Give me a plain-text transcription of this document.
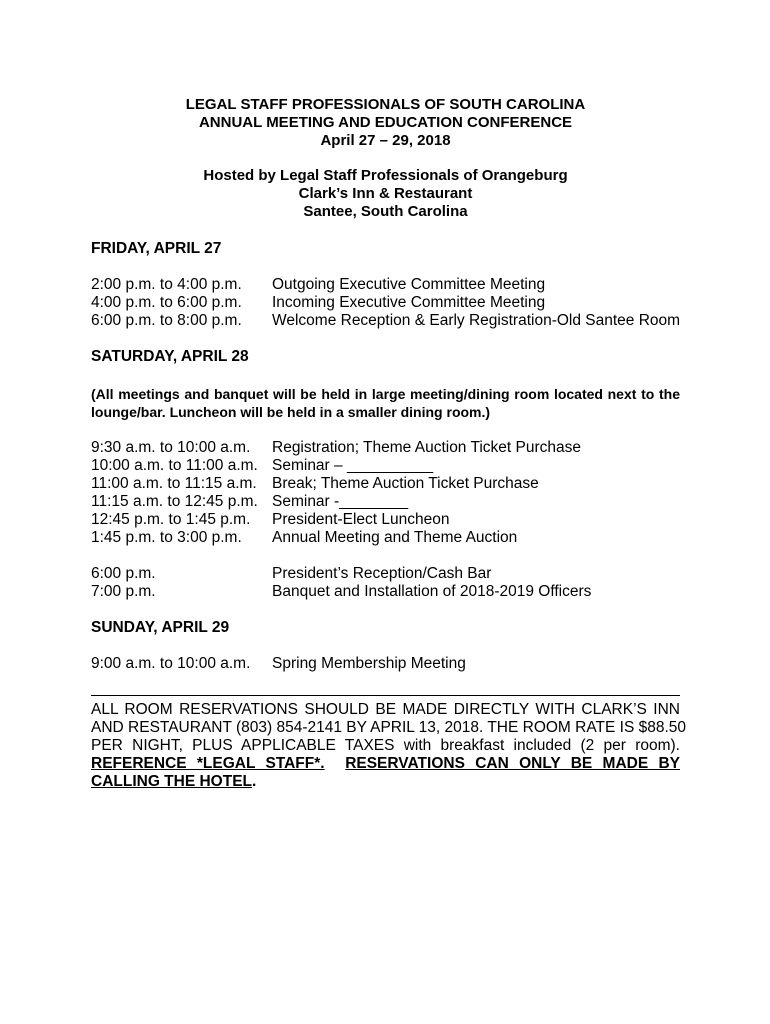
LEGAL STAFF PROFESSIONALS OF SOUTH CAROLINA
ANNUAL MEETING AND EDUCATION CONFERENCE
April 27 – 29, 2018
Hosted by Legal Staff Professionals of Orangeburg
Clark’s Inn & Restaurant
Santee, South Carolina
FRIDAY, APRIL 27
2:00 p.m. to 4:00 p.m.	Outgoing Executive Committee Meeting
4:00 p.m. to 6:00 p.m.	Incoming Executive Committee Meeting
6:00 p.m. to 8:00 p.m.	Welcome Reception & Early Registration-Old Santee Room
SATURDAY, APRIL 28
(All meetings and banquet will be held in large meeting/dining room located next to the
lounge/bar. Luncheon will be held in a smaller dining room.)
9:30 a.m. to 10:00 a.m.	Registration; Theme Auction Ticket Purchase
10:00 a.m. to 11:00 a.m. Seminar – __________
11:00 a.m. to 11:15 a.m. Break; Theme Auction Ticket Purchase
11:15 a.m. to 12:45 p.m. Seminar -________
12:45 p.m. to 1:45 p.m.	President-Elect Luncheon
1:45 p.m. to 3:00 p.m.	Annual Meeting and Theme Auction
6:00 p.m.	President’s Reception/Cash Bar
7:00 p.m.	Banquet and Installation of 2018-2019 Officers
SUNDAY, APRIL 29
9:00 a.m. to 10:00 a.m.	Spring Membership Meeting
ALL ROOM RESERVATIONS SHOULD BE MADE DIRECTLY WITH CLARK’S INN
AND RESTAURANT (803) 854-2141 BY APRIL 13, 2018. THE ROOM RATE IS $88.50
PER NIGHT, PLUS APPLICABLE TAXES with breakfast included (2 per room).
REFERENCE *LEGAL STAFF*. RESERVATIONS CAN ONLY BE MADE BY
CALLING THE HOTEL.
